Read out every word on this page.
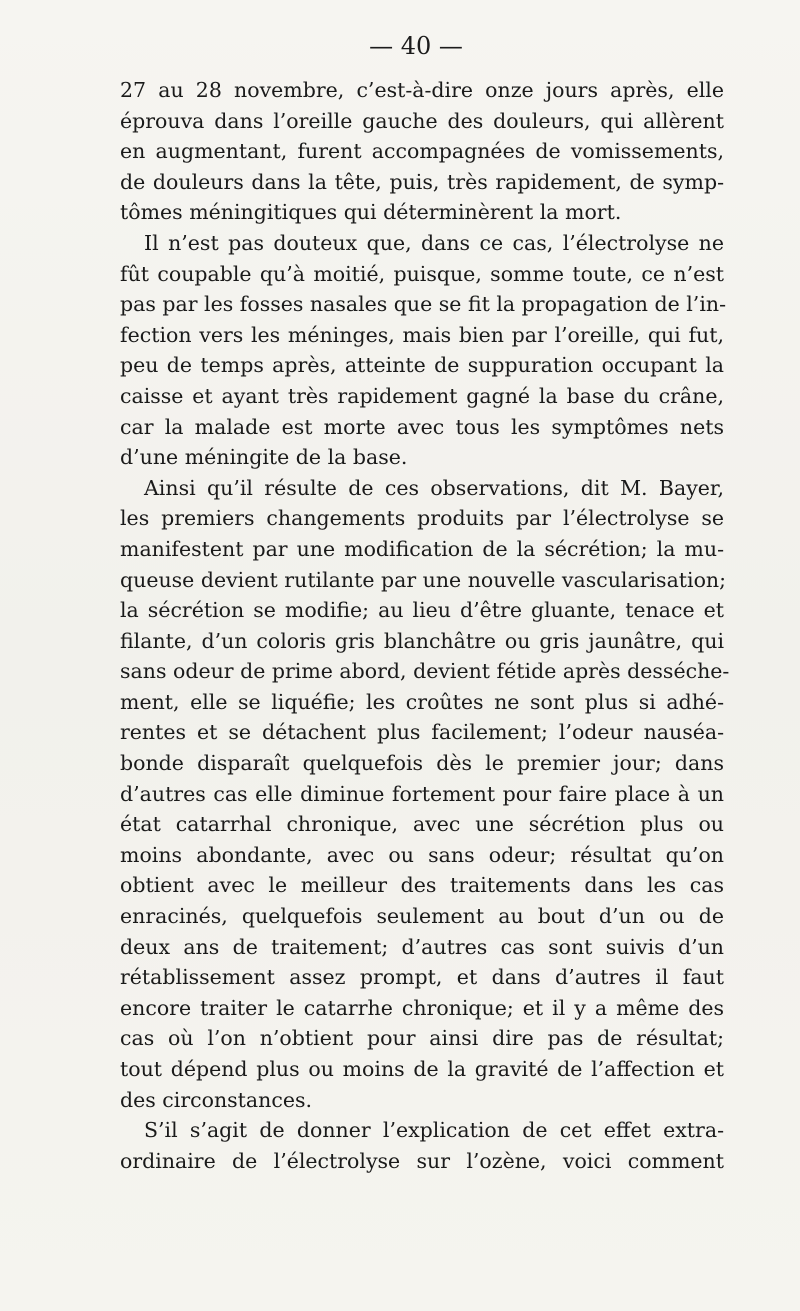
— 40 —
27 au 28 novembre, c’est-à-dire onze jours après, elle
éprouva dans l’oreille gauche des douleurs, qui allèrent
en augmentant, furent accompagnées de vomissements,
de douleurs dans la tête, puis, très rapidement, de symp-
tômes méningitiques qui déterminèrent la mort.
Il n’est pas douteux que, dans ce cas, l’électrolyse ne
fût coupable qu’à moitié, puisque, somme toute, ce n’est
pas par les fosses nasales que se fit la propagation de l’in-
fection vers les méninges, mais bien par l’oreille, qui fut,
peu de temps après, atteinte de suppuration occupant la
caisse et ayant très rapidement gagné la base du crâne,
car la malade est morte avec tous les symptômes nets
d’une méningite de la base.
Ainsi qu’il résulte de ces observations, dit M. Bayer,
les premiers changements produits par l’électrolyse se
manifestent par une modification de la sécrétion; la mu-
queuse devient rutilante par une nouvelle vascularisation;
la sécrétion se modifie; au lieu d’être gluante, tenace et
filante, d’un coloris gris blanchâtre ou gris jaunâtre, qui
sans odeur de prime abord, devient fétide après desséche-
ment, elle se liquéfie; les croûtes ne sont plus si adhé-
rentes et se détachent plus facilement; l’odeur nauséa-
bonde disparaît quelquefois dès le premier jour; dans
d’autres cas elle diminue fortement pour faire place à un
état catarrhal chronique, avec une sécrétion plus ou
moins abondante, avec ou sans odeur; résultat qu’on
obtient avec le meilleur des traitements dans les cas
enracinés, quelquefois seulement au bout d’un ou de
deux ans de traitement; d’autres cas sont suivis d’un
rétablissement assez prompt, et dans d’autres il faut
encore traiter le catarrhe chronique; et il y a même des
cas où l’on n’obtient pour ainsi dire pas de résultat;
tout dépend plus ou moins de la gravité de l’affection et
des circonstances.
S’il s’agit de donner l’explication de cet effet extra-
ordinaire de l’électrolyse sur l’ozène, voici comment
